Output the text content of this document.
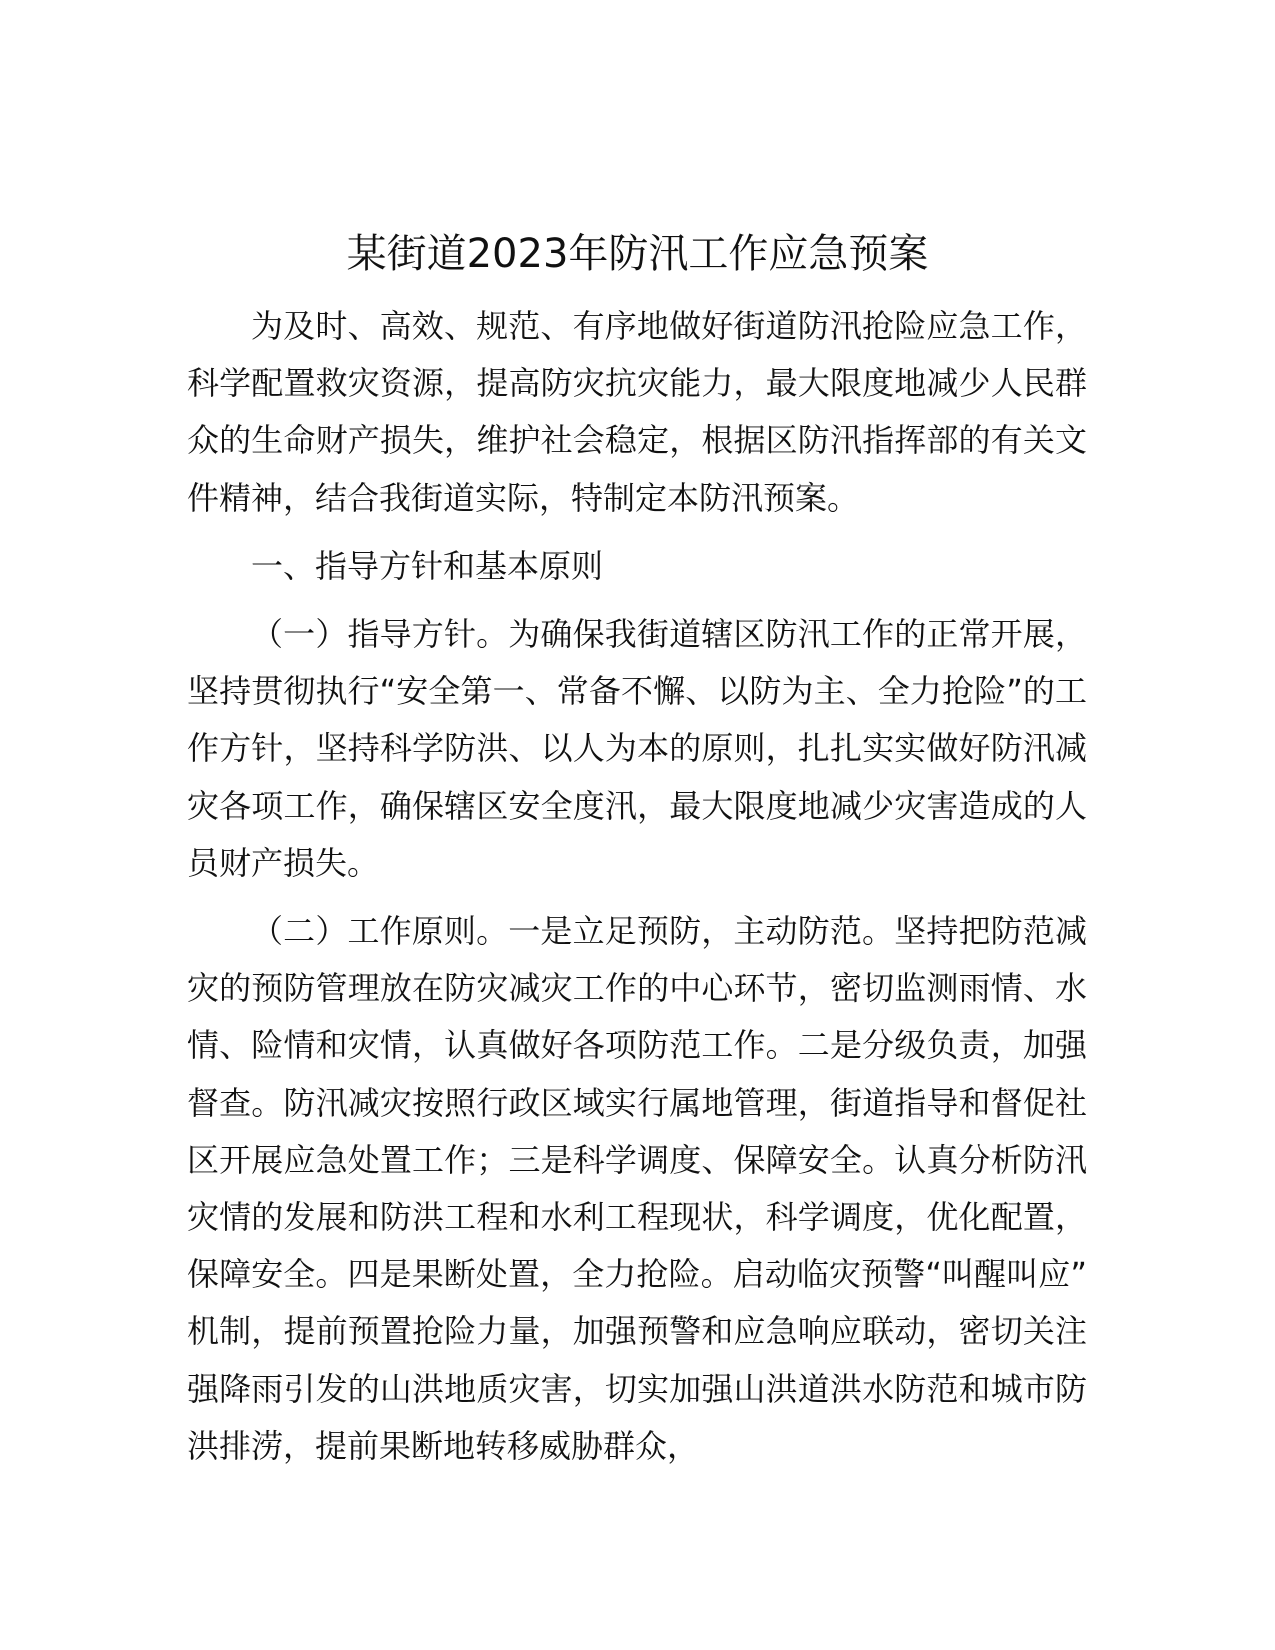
某街道2023年防汛工作应急预案

为及时、高效、规范、有序地做好街道防汛抢险应急工作，科学配置救灾资源，提高防灾抗灾能力，最大限度地减少人民群众的生命财产损失，维护社会稳定，根据区防汛指挥部的有关文件精神，结合我街道实际，特制定本防汛预案。

一、指导方针和基本原则

（一）指导方针。为确保我街道辖区防汛工作的正常开展，坚持贯彻执行“安全第一、常备不懈、以防为主、全力抢险”的工作方针，坚持科学防洪、以人为本的原则，扎扎实实做好防汛减灾各项工作，确保辖区安全度汛，最大限度地减少灾害造成的人员财产损失。

（二）工作原则。一是立足预防，主动防范。坚持把防范减灾的预防管理放在防灾减灾工作的中心环节，密切监测雨情、水情、险情和灾情，认真做好各项防范工作。二是分级负责，加强督查。防汛减灾按照行政区域实行属地管理，街道指导和督促社区开展应急处置工作；三是科学调度、保障安全。认真分析防汛灾情的发展和防洪工程和水利工程现状，科学调度，优化配置，保障安全。四是果断处置，全力抢险。启动临灾预警“叫醒叫应”机制，提前预置抢险力量，加强预警和应急响应联动，密切关注强降雨引发的山洪地质灾害，切实加强山洪道洪水防范和城市防洪排涝，提前果断地转移威胁群众，
